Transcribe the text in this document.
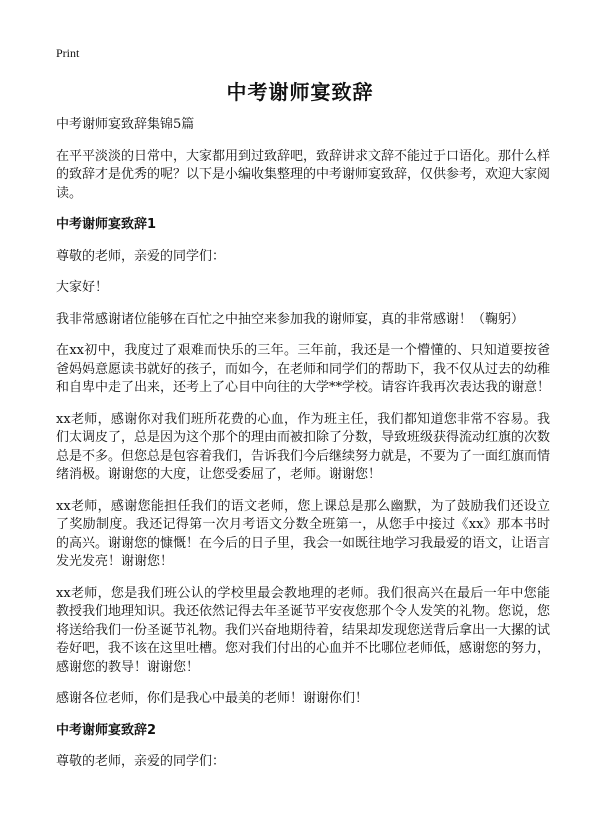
Print
中考谢师宴致辞

中考谢师宴致辞集锦5篇

在平平淡淡的日常中，大家都用到过致辞吧，致辞讲求文辞不能过于口语化。那什么样的致辞才是优秀的呢？以下是小编收集整理的中考谢师宴致辞，仅供参考，欢迎大家阅读。

中考谢师宴致辞1

尊敬的老师，亲爱的同学们：

大家好！

我非常感谢诸位能够在百忙之中抽空来参加我的谢师宴，真的非常感谢！（鞠躬）

在xx初中，我度过了艰难而快乐的三年。三年前，我还是一个懵懂的、只知道要按爸爸妈妈意愿读书就好的孩子，而如今，在老师和同学们的帮助下，我不仅从过去的幼稚和自卑中走了出来，还考上了心目中向往的大学**学校。请容许我再次表达我的谢意！

xx老师，感谢你对我们班所花费的心血，作为班主任，我们都知道您非常不容易。我们太调皮了，总是因为这个那个的理由而被扣除了分数，导致班级获得流动红旗的次数总是不多。但您总是包容着我们，告诉我们今后继续努力就是，不要为了一面红旗而情绪消极。谢谢您的大度，让您受委屈了，老师。谢谢您！

xx老师，感谢您能担任我们的语文老师，您上课总是那么幽默，为了鼓励我们还设立了奖励制度。我还记得第一次月考语文分数全班第一，从您手中接过《xx》那本书时的高兴。谢谢您的慷慨！在今后的日子里，我会一如既往地学习我最爱的语文，让语言发光发亮！谢谢您！

xx老师，您是我们班公认的学校里最会教地理的老师。我们很高兴在最后一年中您能教授我们地理知识。我还依然记得去年圣诞节平安夜您那个令人发笑的礼物。您说，您将送给我们一份圣诞节礼物。我们兴奋地期待着，结果却发现您送背后拿出一大摞的试卷好吧，我不该在这里吐槽。您对我们付出的心血并不比哪位老师低，感谢您的努力，感谢您的教导！谢谢您！

感谢各位老师，你们是我心中最美的老师！谢谢你们！

中考谢师宴致辞2

尊敬的老师，亲爱的同学们：
